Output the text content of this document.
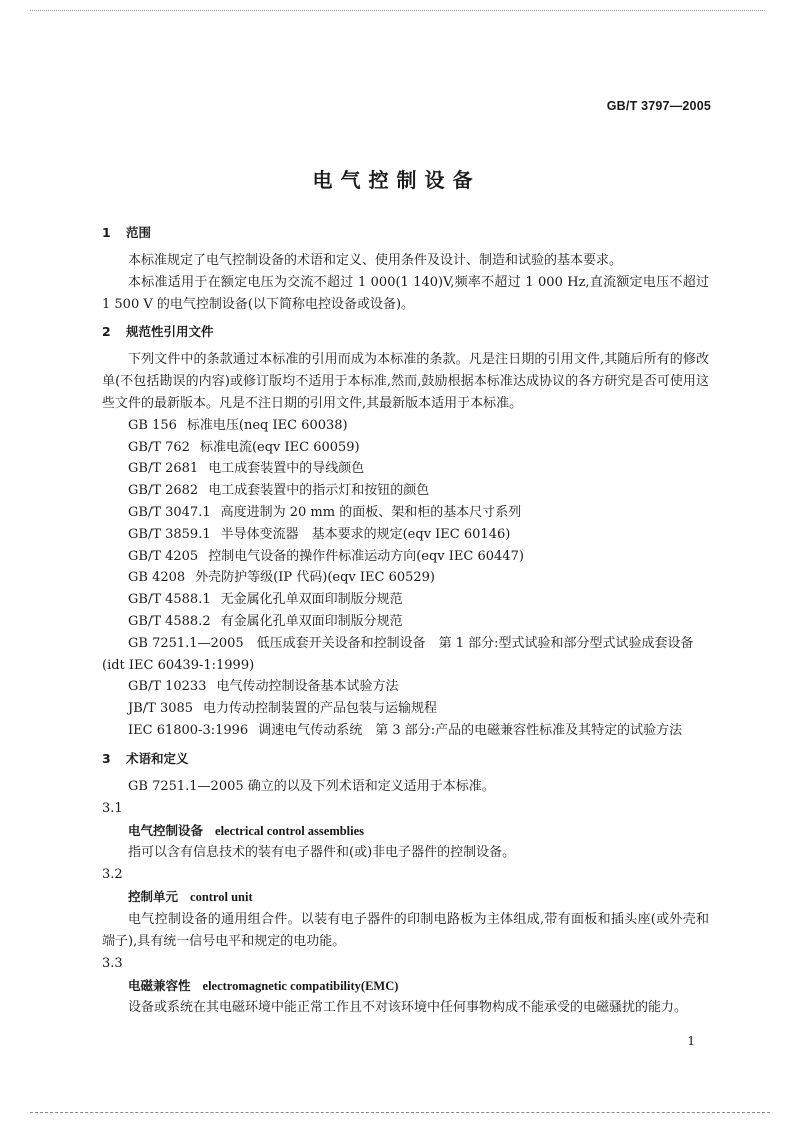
GB/T 3797—2005
电气控制设备
1 范围

本标准规定了电气控制设备的术语和定义、使用条件及设计、制造和试验的基本要求。

本标准适用于在额定电压为交流不超过 1 000(1 140)V,频率不超过 1 000 Hz,直流额定电压不超过 1 500 V 的电气控制设备(以下简称电控设备或设备)。

2 规范性引用文件

下列文件中的条款通过本标准的引用而成为本标准的条款。凡是注日期的引用文件,其随后所有的修改单(不包括勘误的内容)或修订版均不适用于本标准,然而,鼓励根据本标准达成协议的各方研究是否可使用这些文件的最新版本。凡是不注日期的引用文件,其最新版本适用于本标准。

GB 156 标准电压(neq IEC 60038)

GB/T 762 标准电流(eqv IEC 60059)

GB/T 2681 电工成套装置中的导线颜色

GB/T 2682 电工成套装置中的指示灯和按钮的颜色

GB/T 3047.1 高度进制为 20 mm 的面板、架和柜的基本尺寸系列

GB/T 3859.1 半导体变流器　基本要求的规定(eqv IEC 60146)

GB/T 4205 控制电气设备的操作件标准运动方向(eqv IEC 60447)

GB 4208 外壳防护等级(IP 代码)(eqv IEC 60529)

GB/T 4588.1 无金属化孔单双面印制版分规范

GB/T 4588.2 有金属化孔单双面印制版分规范

GB 7251.1—2005　低压成套开关设备和控制设备　第 1 部分:型式试验和部分型式试验成套设备(idt IEC 60439-1:1999)

GB/T 10233 电气传动控制设备基本试验方法

JB/T 3085 电力传动控制装置的产品包装与运输规程

IEC 61800-3:1996 调速电气传动系统　第 3 部分:产品的电磁兼容性标准及其特定的试验方法

3 术语和定义

GB 7251.1—2005 确立的以及下列术语和定义适用于本标准。

3.1

电气控制设备 electrical control assemblies

指可以含有信息技术的装有电子器件和(或)非电子器件的控制设备。

3.2

控制单元 control unit

电气控制设备的通用组合件。以装有电子器件的印制电路板为主体组成,带有面板和插头座(或外壳和端子),具有统一信号电平和规定的电功能。

3.3

电磁兼容性 electromagnetic compatibility(EMC)

设备或系统在其电磁环境中能正常工作且不对该环境中任何事物构成不能承受的电磁骚扰的能力。

1
